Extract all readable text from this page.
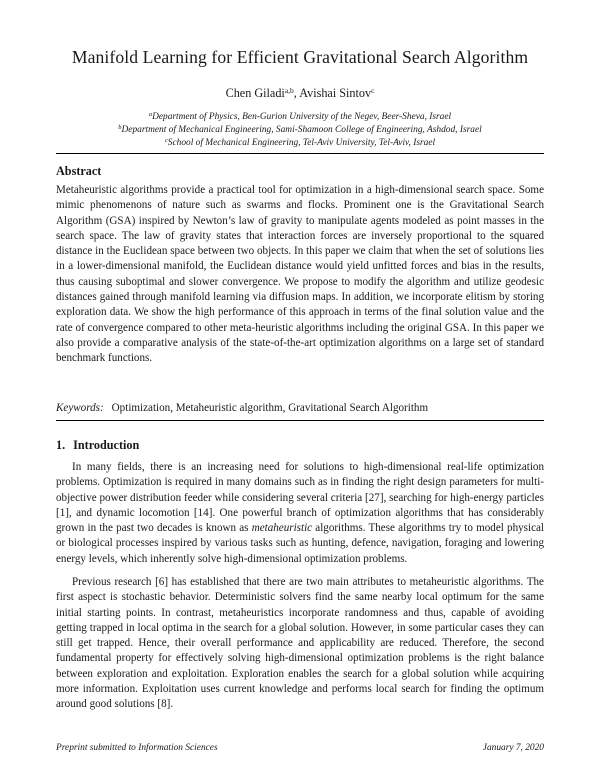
Manifold Learning for Efficient Gravitational Search Algorithm
Chen Giladi$^{a,b}$, Avishai Sintov$^c$
$^a$Department of Physics, Ben-Gurion University of the Negev, Beer-Sheva, Israel
$^b$Department of Mechanical Engineering, Sami-Shamoon College of Engineering, Ashdod, Israel
$^c$School of Mechanical Engineering, Tel-Aviv University, Tel-Aviv, Israel
Abstract
Metaheuristic algorithms provide a practical tool for optimization in a high-dimensional search space. Some mimic phenomenons of nature such as swarms and flocks. Prominent one is the Gravitational Search Algorithm (GSA) inspired by Newton’s law of gravity to manipulate agents modeled as point masses in the search space. The law of gravity states that interaction forces are inversely proportional to the squared distance in the Euclidean space between two objects. In this paper we claim that when the set of solutions lies in a lower-dimensional manifold, the Euclidean distance would yield unfitted forces and bias in the results, thus causing suboptimal and slower convergence. We propose to modify the algorithm and utilize geodesic distances gained through manifold learning via diffusion maps. In addition, we incorporate elitism by storing exploration data. We show the high performance of this approach in terms of the final solution value and the rate of convergence compared to other meta-heuristic algorithms including the original GSA. In this paper we also provide a comparative analysis of the state-of-the-art optimization algorithms on a large set of standard benchmark functions.
Keywords: Optimization, Metaheuristic algorithm, Gravitational Search Algorithm
1. Introduction
In many fields, there is an increasing need for solutions to high-dimensional real-life optimization problems. Optimization is required in many domains such as in finding the right design parameters for multi-objective power distribution feeder while considering several criteria [27], searching for high-energy particles [1], and dynamic locomotion [14]. One powerful branch of optimization algorithms that has considerably grown in the past two decades is known as metaheuristic algorithms. These algorithms try to model physical or biological processes inspired by various tasks such as hunting, defence, navigation, foraging and lowering energy levels, which inherently solve high-dimensional optimization problems.
Previous research [6] has established that there are two main attributes to metaheuristic algorithms. The first aspect is stochastic behavior. Deterministic solvers find the same nearby local optimum for the same initial starting points. In contrast, metaheuristics incorporate randomness and thus, capable of avoiding getting trapped in local optima in the search for a global solution. However, in some particular cases they can still get trapped. Hence, their overall performance and applicability are reduced. Therefore, the second fundamental property for effectively solving high-dimensional optimization problems is the right balance between exploration and exploitation. Exploration enables the search for a global solution while acquiring more information. Exploitation uses current knowledge and performs local search for finding the optimum around good solutions [8].
Preprint submitted to Information Sciences	January 7, 2020
